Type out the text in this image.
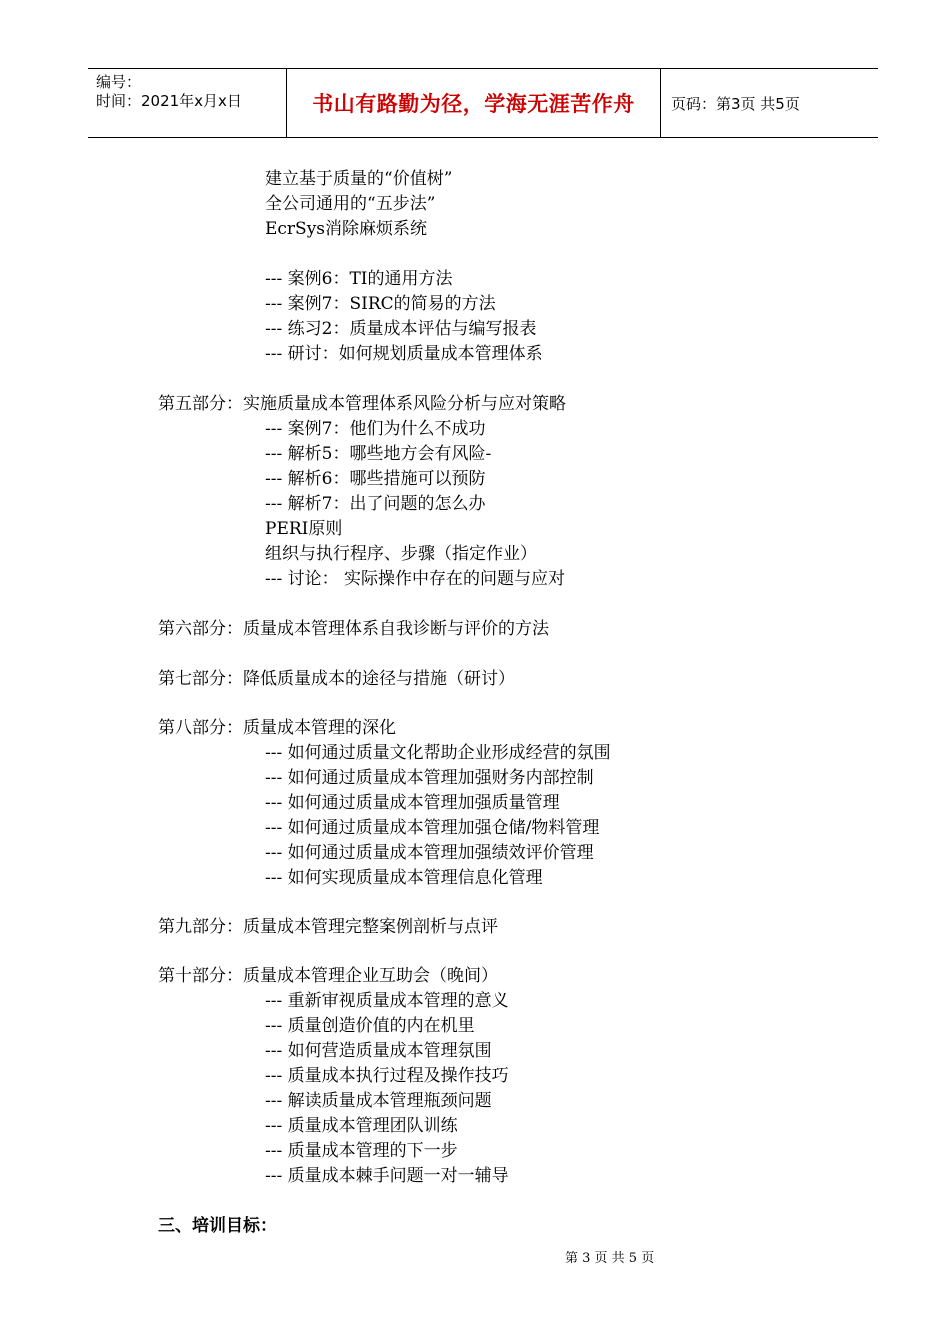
编号：
时间：2021年x月x日	书山有路勤为径，学海无涯苦作舟 页码：第3页 共5页
建立基于质量的“价值树”
全公司通用的“五步法”
EcrSys消除麻烦系统
--- 案例6：TI的通用方法
--- 案例7：SIRC的简易的方法
--- 练习2：质量成本评估与编写报表
--- 研讨：如何规划质量成本管理体系
第五部分：实施质量成本管理体系风险分析与应对策略
--- 案例7：他们为什么不成功
--- 解析5：哪些地方会有风险-
--- 解析6：哪些措施可以预防
--- 解析7：出了问题的怎么办
PERI原则
组织与执行程序、步骤（指定作业）
--- 讨论： 实际操作中存在的问题与应对
第六部分：质量成本管理体系自我诊断与评价的方法
第七部分：降低质量成本的途径与措施（研讨）
第八部分：质量成本管理的深化
--- 如何通过质量文化帮助企业形成经营的氛围
--- 如何通过质量成本管理加强财务内部控制
--- 如何通过质量成本管理加强质量管理
--- 如何通过质量成本管理加强仓储/物料管理
--- 如何通过质量成本管理加强绩效评价管理
--- 如何实现质量成本管理信息化管理
第九部分：质量成本管理完整案例剖析与点评
第十部分：质量成本管理企业互助会（晚间）
--- 重新审视质量成本管理的意义
--- 质量创造价值的内在机里
--- 如何营造质量成本管理氛围
--- 质量成本执行过程及操作技巧
--- 解读质量成本管理瓶颈问题
--- 质量成本管理团队训练
--- 质量成本管理的下一步
--- 质量成本棘手问题一对一辅导
三、培训目标：
第 3 页 共 5 页
